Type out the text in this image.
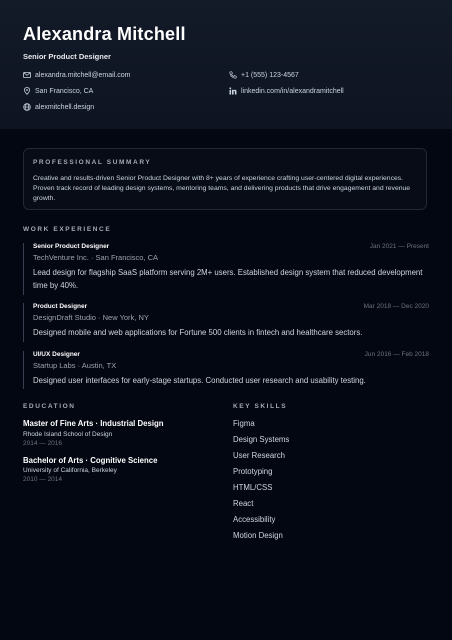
Alexandra Mitchell
Senior Product Designer
alexandra.mitchell@email.com	+1 (555) 123-4567
San Francisco, CA	linkedin.com/in/alexandramitchell
alexmitchell.design
PROFESSIONAL SUMMARY
Creative and results-driven Senior Product Designer with 8+ years of experience crafting user-centered digital experiences. Proven track record of leading design systems, mentoring teams, and delivering products that drive engagement and revenue growth.
WORK EXPERIENCE
Senior Product Designer	Jan 2021 — Present
TechVenture Inc. · San Francisco, CA
Lead design for flagship SaaS platform serving 2M+ users. Established design system that reduced development time by 40%.
Product Designer	Mar 2018 — Dec 2020
DesignDraft Studio · New York, NY
Designed mobile and web applications for Fortune 500 clients in fintech and healthcare sectors.
UI/UX Designer	Jun 2016 — Feb 2018
Startup Labs · Austin, TX
Designed user interfaces for early-stage startups. Conducted user research and usability testing.
EDUCATION
Master of Fine Arts · Industrial Design
Rhode Island School of Design
2014 — 2016
Bachelor of Arts · Cognitive Science
University of California, Berkeley
2010 — 2014
KEY SKILLS
Figma
Design Systems
User Research
Prototyping
HTML/CSS
React
Accessibility
Motion Design
